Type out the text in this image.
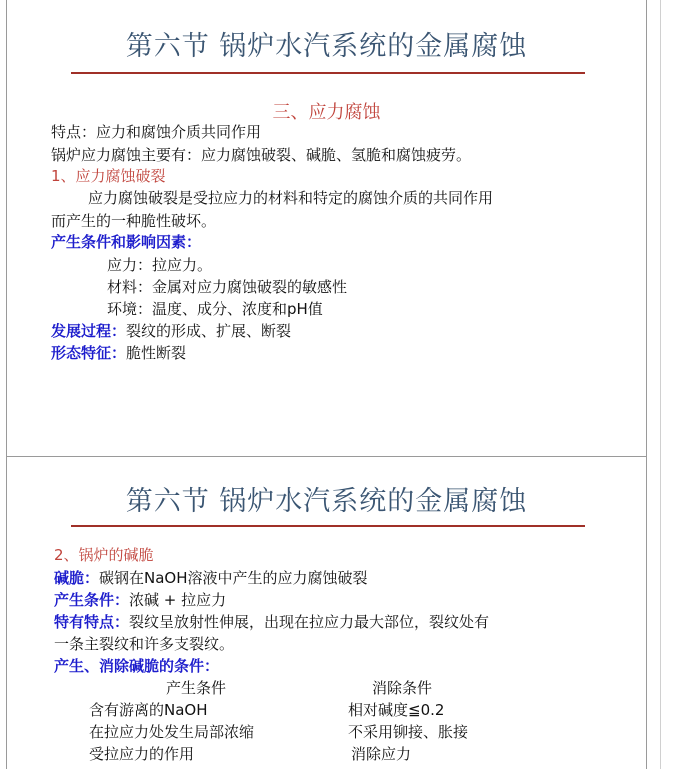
第六节 锅炉水汽系统的金属腐蚀
三、应力腐蚀
特点：应力和腐蚀介质共同作用
锅炉应力腐蚀主要有：应力腐蚀破裂、碱脆、氢脆和腐蚀疲劳。
1、应力腐蚀破裂
应力腐蚀破裂是受拉应力的材料和特定的腐蚀介质的共同作用
而产生的一种脆性破坏。
产生条件和影响因素：
应力：拉应力。
材料：金属对应力腐蚀破裂的敏感性
环境：温度、成分、浓度和pH值
发展过程：裂纹的形成、扩展、断裂
形态特征：脆性断裂
第六节 锅炉水汽系统的金属腐蚀
2、锅炉的碱脆
碱脆：碳钢在NaOH溶液中产生的应力腐蚀破裂
产生条件：浓碱 + 拉应力
特有特点：裂纹呈放射性伸展，出现在拉应力最大部位，裂纹处有
一条主裂纹和许多支裂纹。
产生、消除碱脆的条件：
产生条件	消除条件
含有游离的NaOH	相对碱度≦0.2
在拉应力处发生局部浓缩	不采用铆接、胀接
受拉应力的作用	消除应力
